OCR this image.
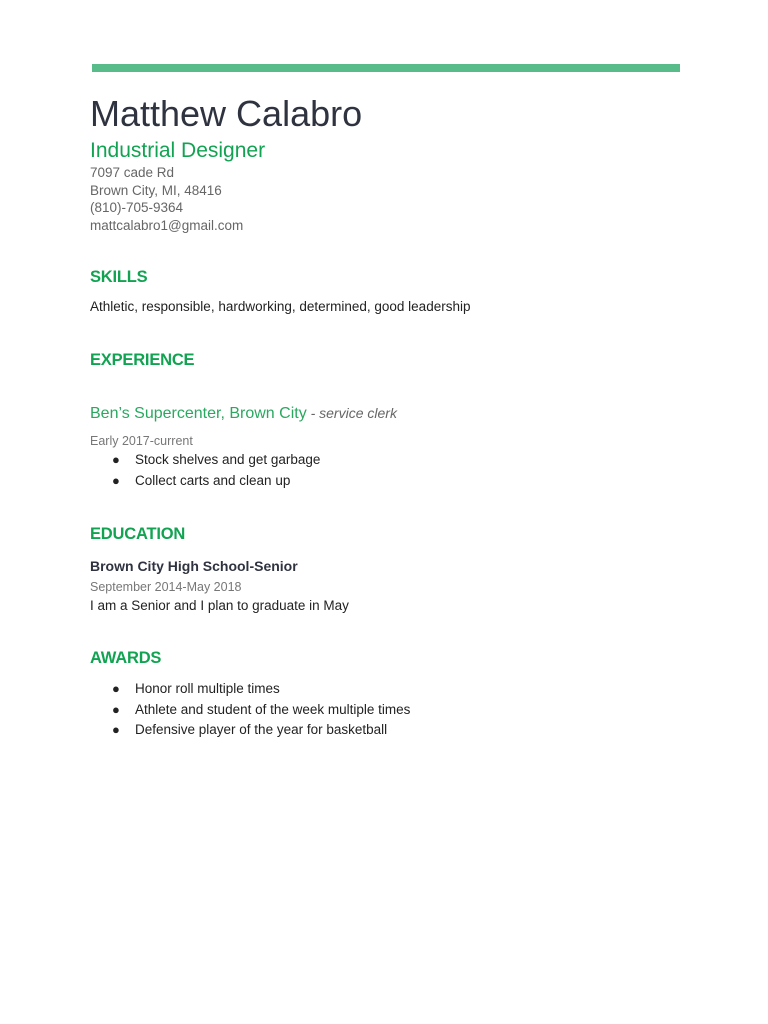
Matthew Calabro
Industrial Designer
7097 cade Rd
Brown City, MI, 48416
(810)-705-9364
mattcalabro1@gmail.com
SKILLS
Athletic, responsible, hardworking, determined, good leadership
EXPERIENCE
Ben’s Supercenter, Brown City - service clerk
Early 2017-current
● Stock shelves and get garbage
● Collect carts and clean up
EDUCATION
Brown City High School-Senior
September 2014-May 2018
I am a Senior and I plan to graduate in May
AWARDS
● Honor roll multiple times
● Athlete and student of the week multiple times
● Defensive player of the year for basketball
